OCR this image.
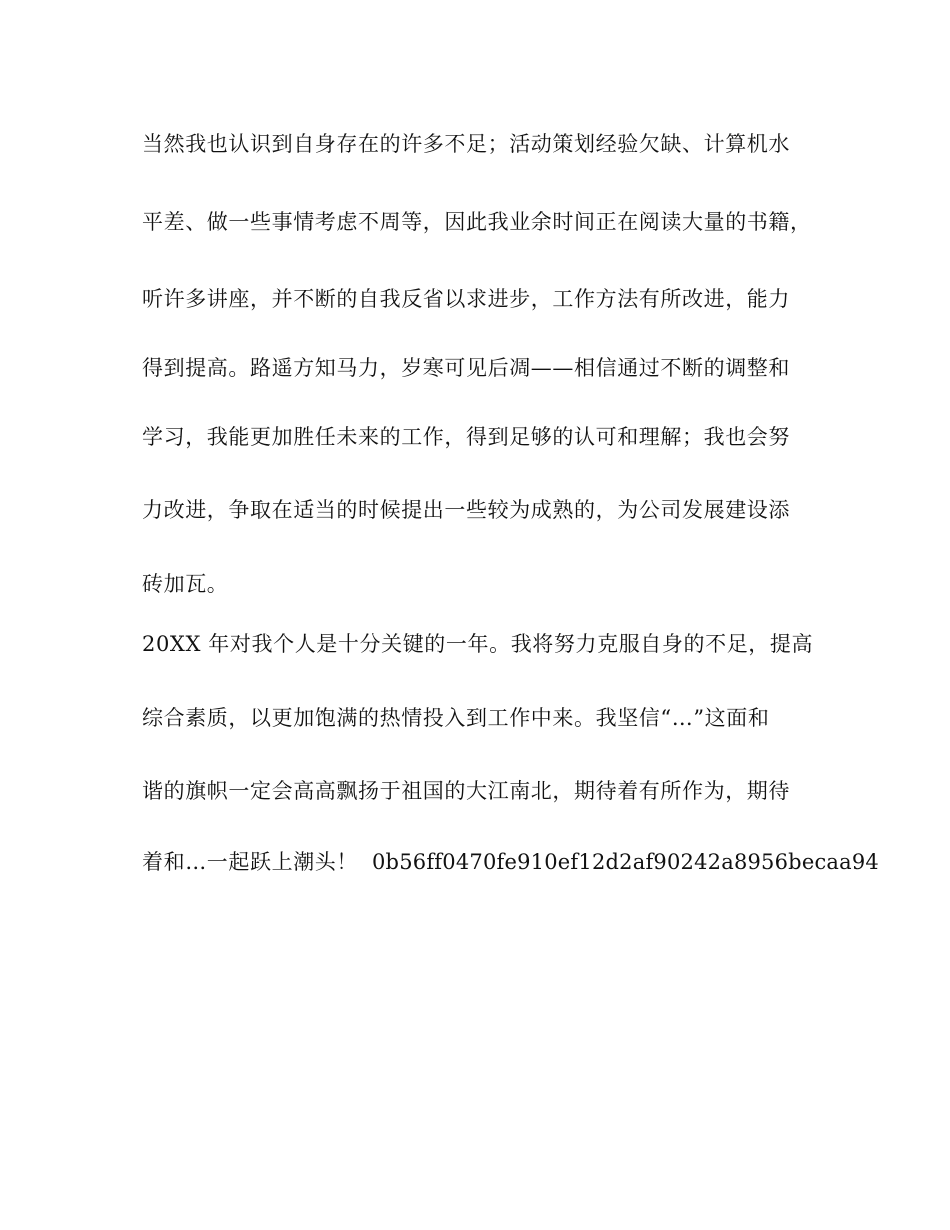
当然我也认识到自身存在的许多不足；活动策划经验欠缺、计算机水
平差、做一些事情考虑不周等，因此我业余时间正在阅读大量的书籍，
听许多讲座，并不断的自我反省以求进步，工作方法有所改进，能力
得到提高。路遥方知马力，岁寒可见后凋——相信通过不断的调整和
学习，我能更加胜任未来的工作，得到足够的认可和理解；我也会努
力改进，争取在适当的时候提出一些较为成熟的，为公司发展建设添
砖加瓦。
20XX 年对我个人是十分关键的一年。我将努力克服自身的不足，提高
综合素质，以更加饱满的热情投入到工作中来。我坚信“…”这面和
谐的旗帜一定会高高飘扬于祖国的大江南北，期待着有所作为，期待
着和…一起跃上潮头！ 0b56ff0470fe910ef12d2af90242a8956becaa94
